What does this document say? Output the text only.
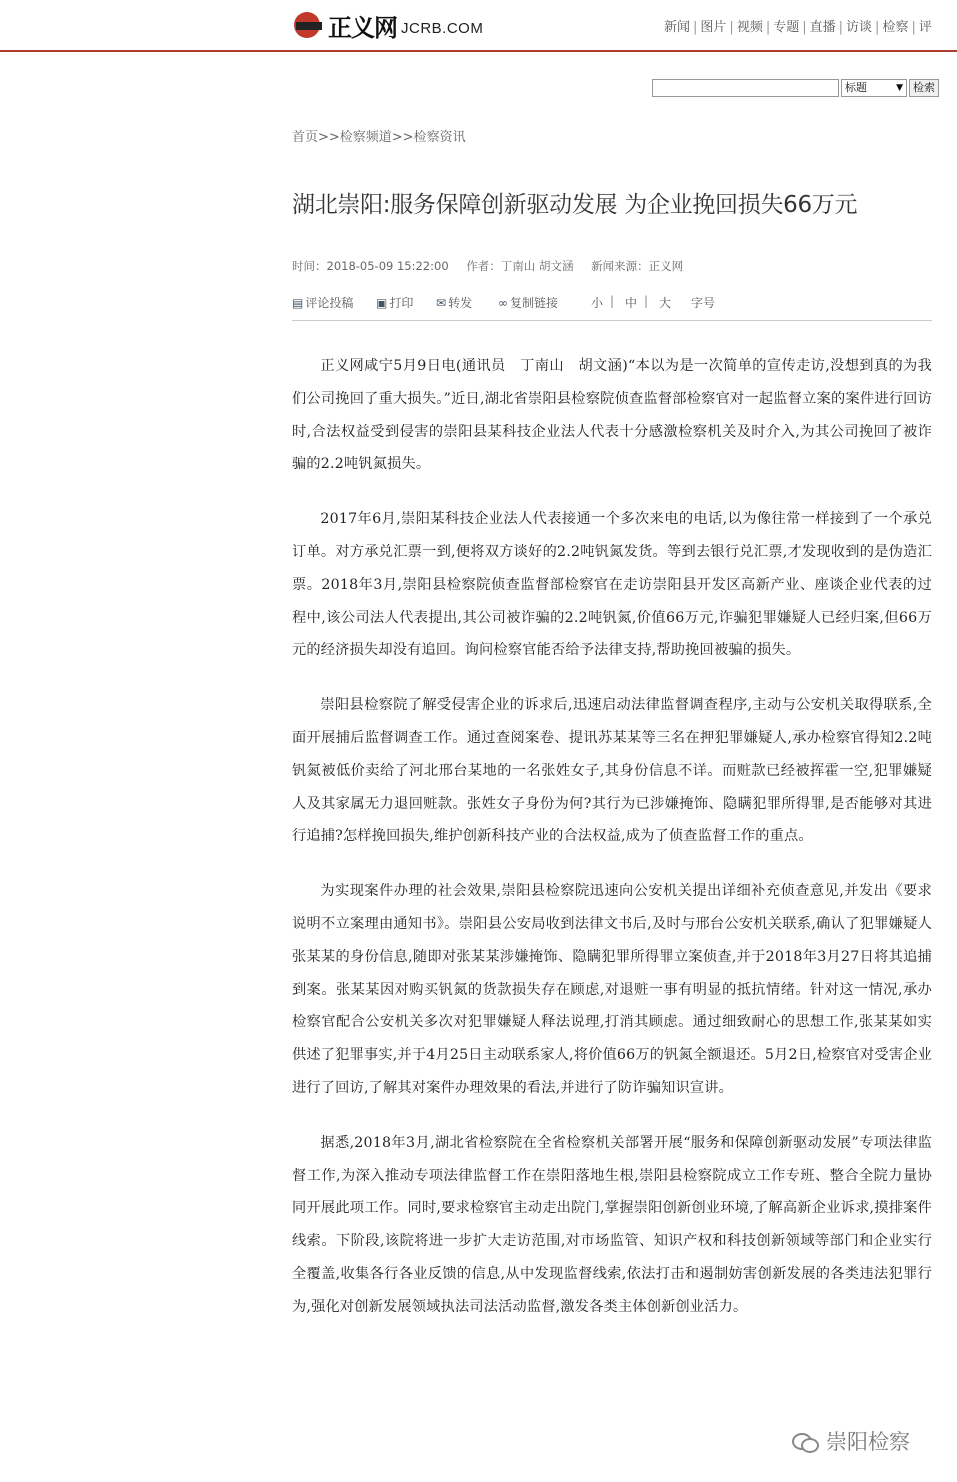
正义网 JCRB.COM	新闻 | 图片 | 视频 | 专题 | 直播 | 访谈 | 检察 | 评
标题	▼ 检索
首页>>检察频道>>检察资讯
湖北崇阳:服务保障创新驱动发展 为企业挽回损失66万元
时间：2018-05-09 15:22:00 作者：丁南山 胡文涵 新闻来源：正义网
▤ 评论投稿 ▣ 打印 ✉ 转发 ∞ 复制链接	小 | 中 | 大 字号

正义网咸宁5月9日电(通讯员　丁南山　胡文涵)“本以为是一次简单的宣传走访,没想到真的为我们公司挽回了重大损失。”近日,湖北省崇阳县检察院侦查监督部检察官对一起监督立案的案件进行回访时,合法权益受到侵害的崇阳县某科技企业法人代表十分感激检察机关及时介入,为其公司挽回了被诈骗的2.2吨钒氮损失。

2017年6月,崇阳某科技企业法人代表接通一个多次来电的电话,以为像往常一样接到了一个承兑订单。对方承兑汇票一到,便将双方谈好的2.2吨钒氮发货。等到去银行兑汇票,才发现收到的是伪造汇票。2018年3月,崇阳县检察院侦查监督部检察官在走访崇阳县开发区高新产业、座谈企业代表的过程中,该公司法人代表提出,其公司被诈骗的2.2吨钒氮,价值66万元,诈骗犯罪嫌疑人已经归案,但66万元的经济损失却没有追回。询问检察官能否给予法律支持,帮助挽回被骗的损失。

崇阳县检察院了解受侵害企业的诉求后,迅速启动法律监督调查程序,主动与公安机关取得联系,全面开展捕后监督调查工作。通过查阅案卷、提讯苏某某等三名在押犯罪嫌疑人,承办检察官得知2.2吨钒氮被低价卖给了河北邢台某地的一名张姓女子,其身份信息不详。而赃款已经被挥霍一空,犯罪嫌疑人及其家属无力退回赃款。张姓女子身份为何?其行为已涉嫌掩饰、隐瞒犯罪所得罪,是否能够对其进行追捕?怎样挽回损失,维护创新科技产业的合法权益,成为了侦查监督工作的重点。

为实现案件办理的社会效果,崇阳县检察院迅速向公安机关提出详细补充侦查意见,并发出《要求说明不立案理由通知书》。崇阳县公安局收到法律文书后,及时与邢台公安机关联系,确认了犯罪嫌疑人张某某的身份信息,随即对张某某涉嫌掩饰、隐瞒犯罪所得罪立案侦查,并于2018年3月27日将其追捕到案。张某某因对购买钒氮的货款损失存在顾虑,对退赃一事有明显的抵抗情绪。针对这一情况,承办检察官配合公安机关多次对犯罪嫌疑人释法说理,打消其顾虑。通过细致耐心的思想工作,张某某如实供述了犯罪事实,并于4月25日主动联系家人,将价值66万的钒氮全额退还。5月2日,检察官对受害企业进行了回访,了解其对案件办理效果的看法,并进行了防诈骗知识宣讲。

据悉,2018年3月,湖北省检察院在全省检察机关部署开展“服务和保障创新驱动发展”专项法律监督工作,为深入推动专项法律监督工作在崇阳落地生根,崇阳县检察院成立工作专班、整合全院力量协同开展此项工作。同时,要求检察官主动走出院门,掌握崇阳创新创业环境,了解高新企业诉求,摸排案件线索。下阶段,该院将进一步扩大走访范围,对市场监管、知识产权和科技创新领域等部门和企业实行全覆盖,收集各行各业反馈的信息,从中发现监督线索,依法打击和遏制妨害创新发展的各类违法犯罪行为,强化对创新发展领域执法司法活动监督,激发各类主体创新创业活力。

崇阳检察
